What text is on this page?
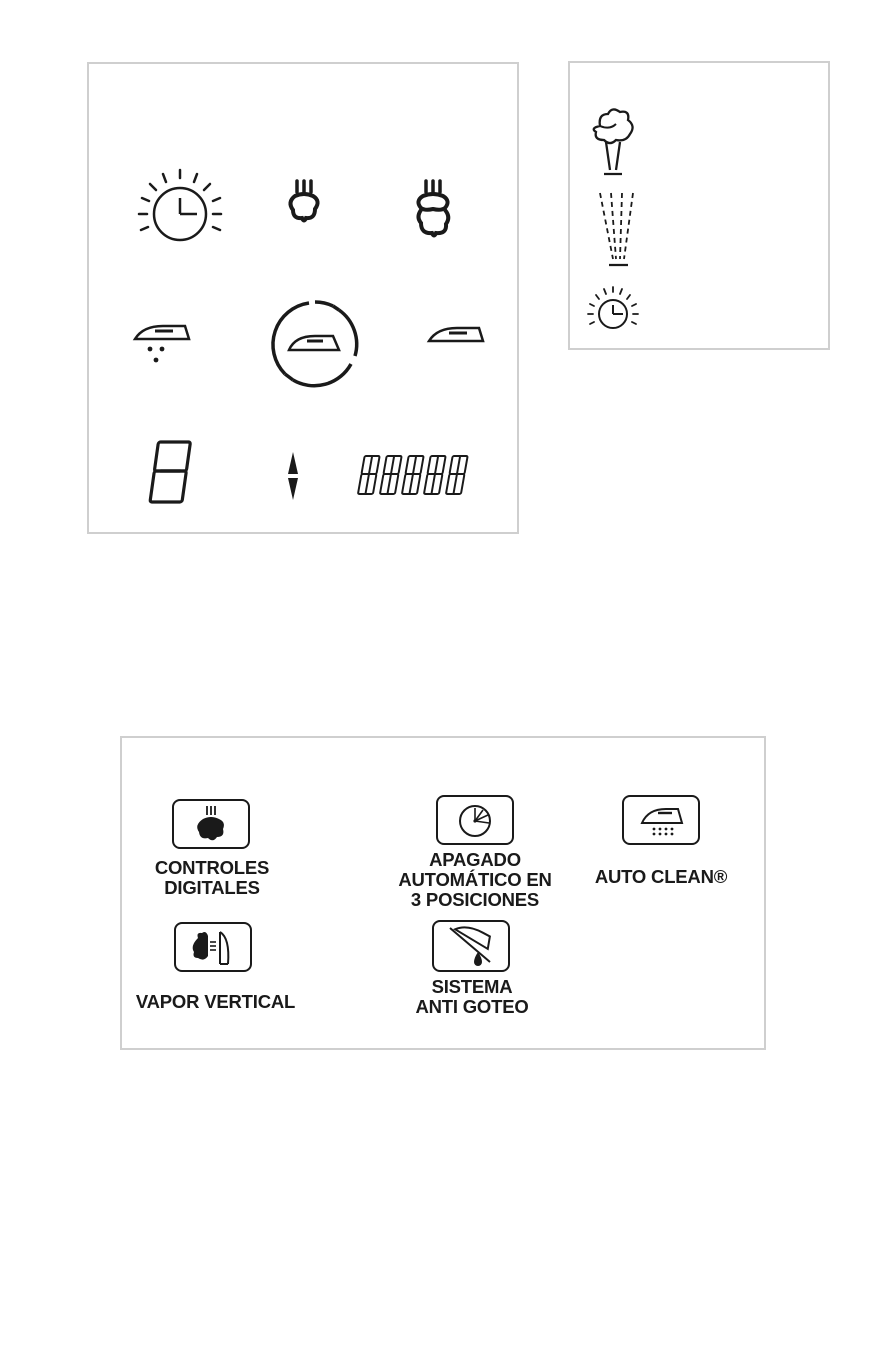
CONTROLES
DIGITALES
APAGADO
AUTOMÁTICO EN
3 POSICIONES
AUTO CLEAN®
VAPOR VERTICAL
SISTEMA
ANTI GOTEO
